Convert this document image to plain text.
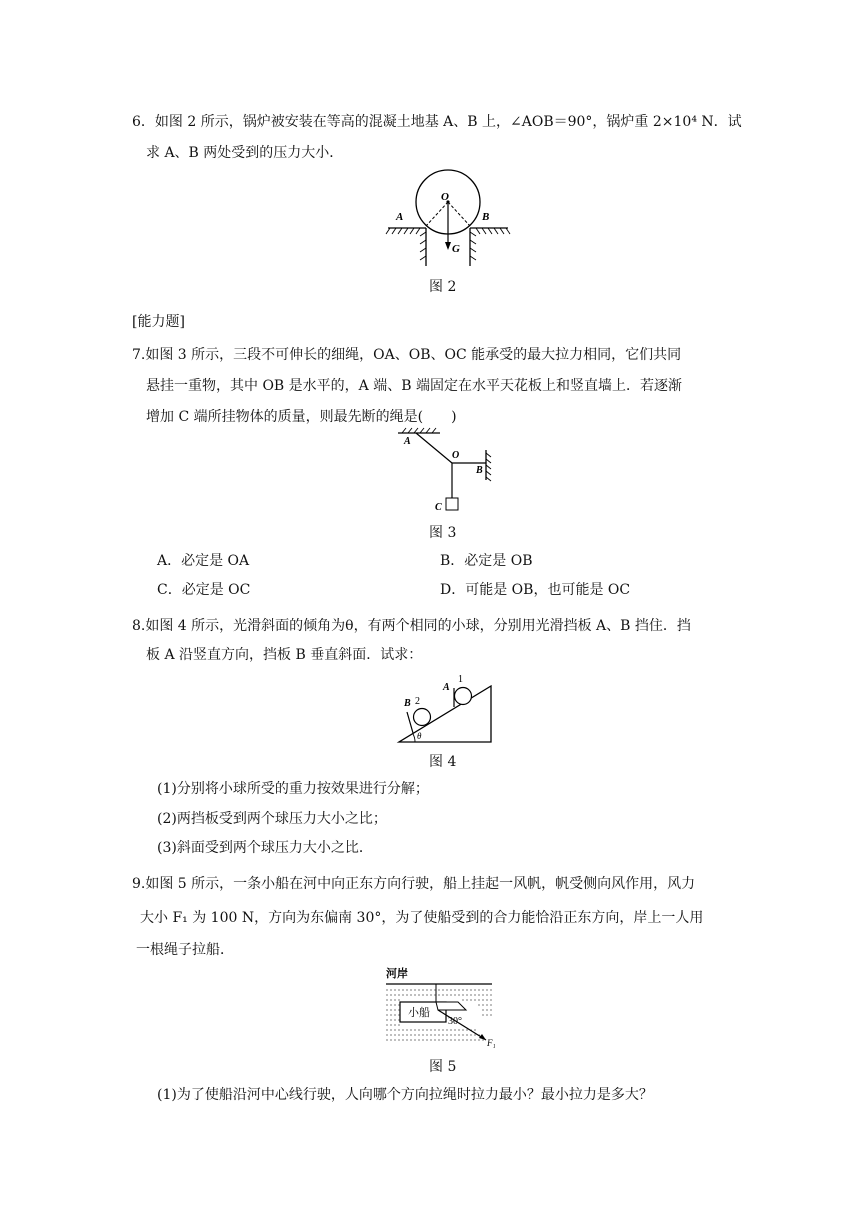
6．如图 2 所示，锅炉被安装在等高的混凝土地基 A、B 上，∠AOB＝90°，锅炉重 2×10⁴ N．试
求 A、B 两处受到的压力大小．
O
A	B
G
图 2
[能力题]
7.如图 3 所示，三段不可伸长的细绳，OA、OB、OC 能承受的最大拉力相同，它们共同
悬挂一重物，其中 OB 是水平的，A 端、B 端固定在水平天花板上和竖直墙上．若逐渐
增加 C 端所挂物体的质量，则最先断的绳是(　　)
A
O
B
C
图 3
A．必定是 OA	B．必定是 OB
C．必定是 OC	D．可能是 OB，也可能是 OC
8.如图 4 所示，光滑斜面的倾角为θ，有两个相同的小球，分别用光滑挡板 A、B 挡住．挡
板 A 沿竖直方向，挡板 B 垂直斜面．试求：
B 2
A
1
θ
图 4
(1)分别将小球所受的重力按效果进行分解；
(2)两挡板受到两个球压力大小之比；
(3)斜面受到两个球压力大小之比．
9.如图 5 所示，一条小船在河中向正东方向行驶，船上挂起一风帆，帆受侧向风作用，风力
大小 F₁ 为 100 N，方向为东偏南 30°，为了使船受到的合力能恰沿正东方向，岸上一人用
一根绳子拉船．
河岸
小船
30°
F₁
图 5
(1)为了使船沿河中心线行驶，人向哪个方向拉绳时拉力最小？最小拉力是多大？
